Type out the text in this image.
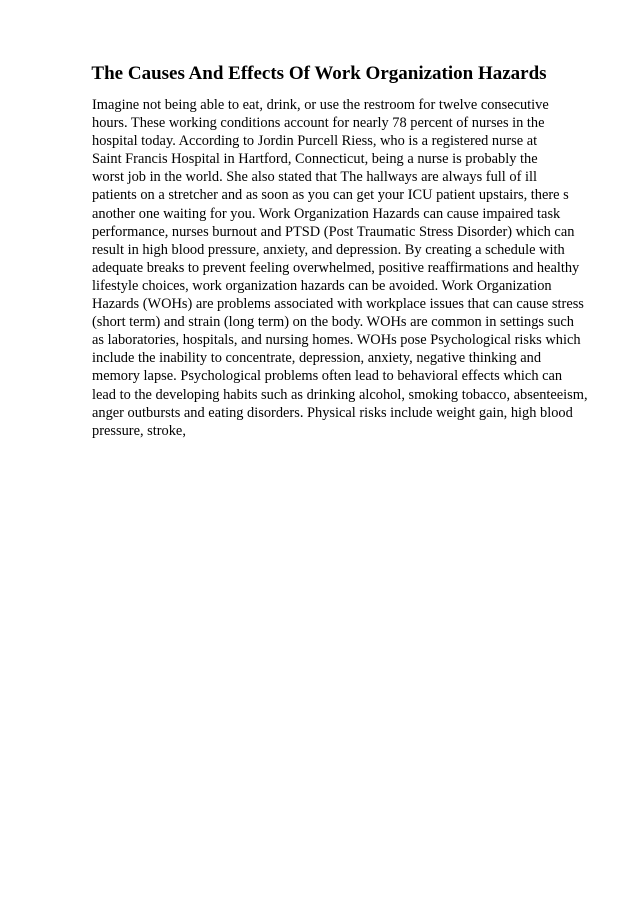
The Causes And Effects Of Work Organization Hazards
Imagine not being able to eat, drink, or use the restroom for twelve consecutive
hours. These working conditions account for nearly 78 percent of nurses in the
hospital today. According to Jordin Purcell Riess, who is a registered nurse at
Saint Francis Hospital in Hartford, Connecticut, being a nurse is probably the
worst job in the world. She also stated that The hallways are always full of ill
patients on a stretcher and as soon as you can get your ICU patient upstairs, there s
another one waiting for you. Work Organization Hazards can cause impaired task
performance, nurses burnout and PTSD (Post Traumatic Stress Disorder) which can
result in high blood pressure, anxiety, and depression. By creating a schedule with
adequate breaks to prevent feeling overwhelmed, positive reaffirmations and healthy
lifestyle choices, work organization hazards can be avoided. Work Organization
Hazards (WOHs) are problems associated with workplace issues that can cause stress
(short term) and strain (long term) on the body. WOHs are common in settings such
as laboratories, hospitals, and nursing homes. WOHs pose Psychological risks which
include the inability to concentrate, depression, anxiety, negative thinking and
memory lapse. Psychological problems often lead to behavioral effects which can
lead to the developing habits such as drinking alcohol, smoking tobacco, absenteeism,
anger outbursts and eating disorders. Physical risks include weight gain, high blood
pressure, stroke,
